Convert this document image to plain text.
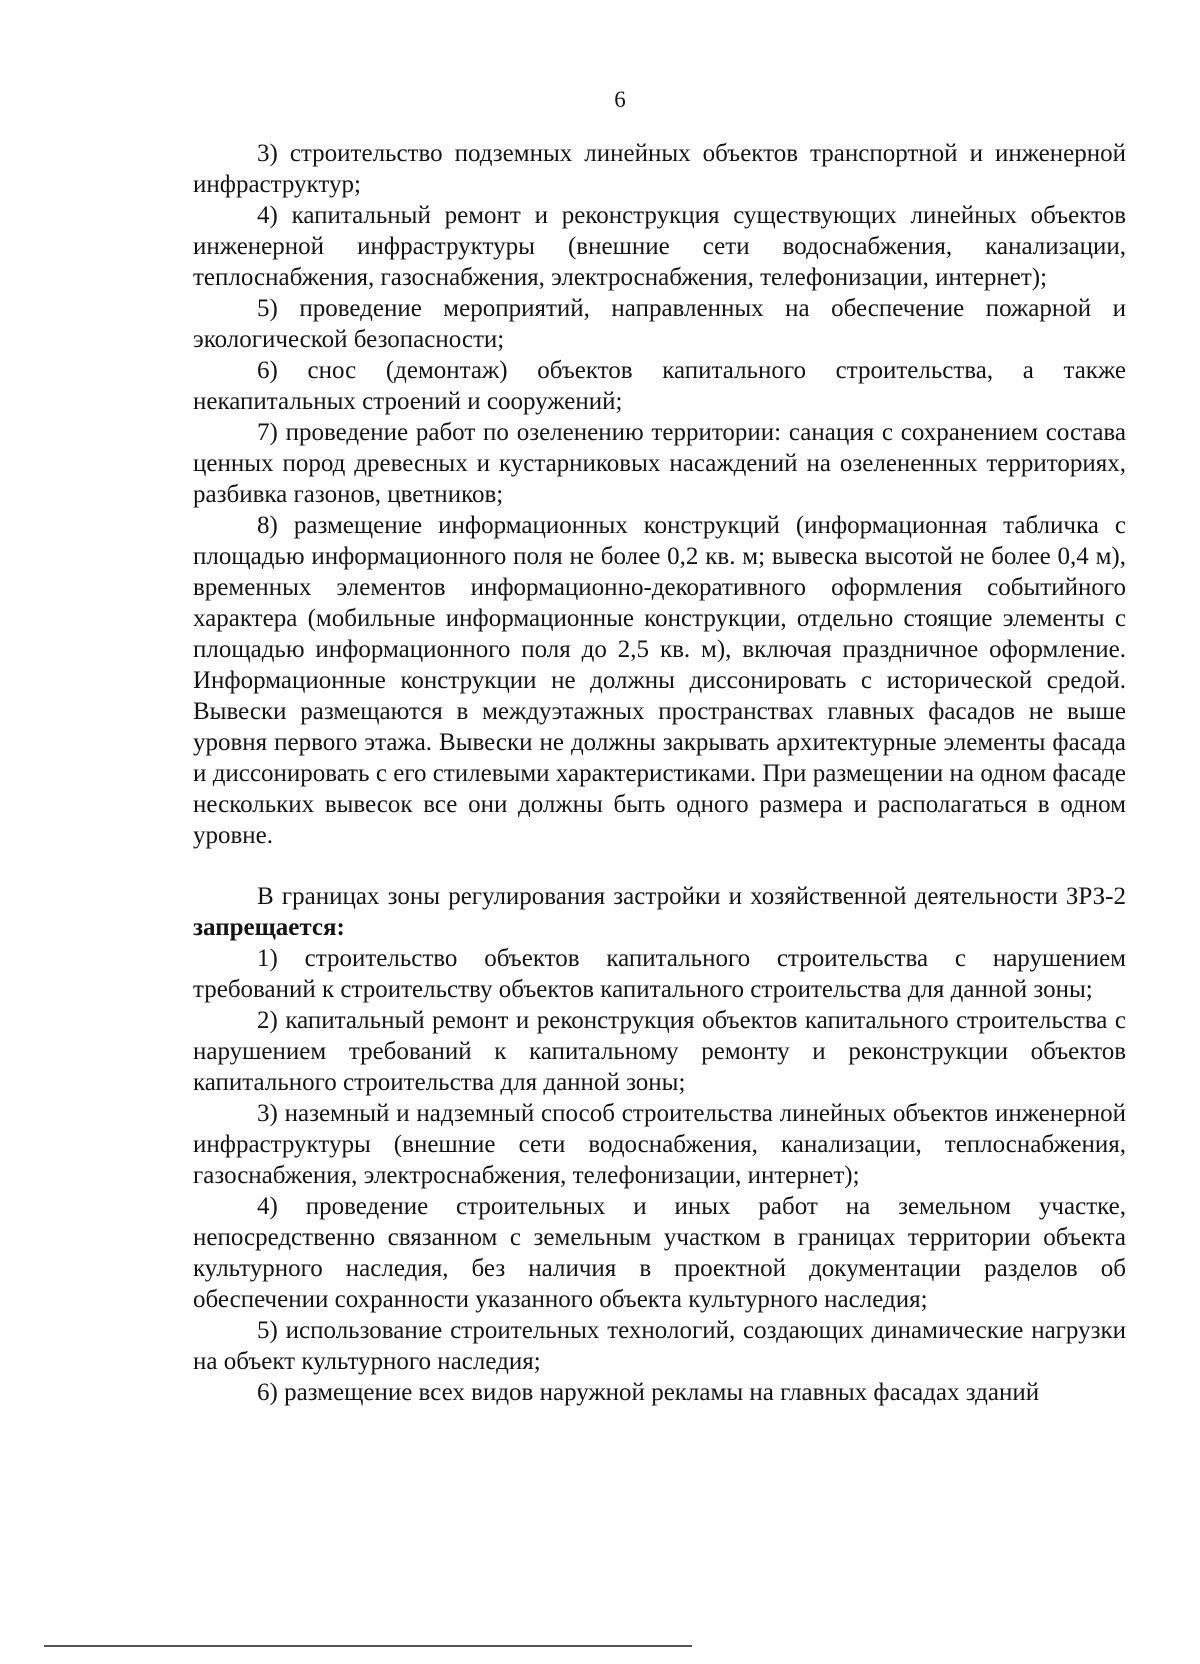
6

3) строительство подземных линейных объектов транспортной и инженерной инфраструктур;

4) капитальный ремонт и реконструкция существующих линейных объектов инженерной инфраструктуры (внешние сети водоснабжения, канализации, теплоснабжения, газоснабжения, электроснабжения, телефонизации, интернет);

5) проведение мероприятий, направленных на обеспечение пожарной и экологической безопасности;

6) снос (демонтаж) объектов капитального строительства, а также некапитальных строений и сооружений;

7) проведение работ по озеленению территории: санация с сохранением состава ценных пород древесных и кустарниковых насаждений на озелененных территориях, разбивка газонов, цветников;

8) размещение информационных конструкций (информационная табличка с площадью информационного поля не более 0,2 кв. м; вывеска высотой не более 0,4 м), временных элементов информационно-декоративного оформления событийного характера (мобильные информационные конструкции, отдельно стоящие элементы с площадью информационного поля до 2,5 кв. м), включая праздничное оформление. Информационные конструкции не должны диссонировать с исторической средой. Вывески размещаются в междуэтажных пространствах главных фасадов не выше уровня первого этажа. Вывески не должны закрывать архитектурные элементы фасада и диссонировать с его стилевыми характеристиками. При размещении на одном фасаде нескольких вывесок все они должны быть одного размера и располагаться в одном уровне.

В границах зоны регулирования застройки и хозяйственной деятельности ЗРЗ-2 запрещается:

1) строительство объектов капитального строительства с нарушением требований к строительству объектов капитального строительства для данной зоны;

2) капитальный ремонт и реконструкция объектов капитального строительства с нарушением требований к капитальному ремонту и реконструкции объектов капитального строительства для данной зоны;

3) наземный и надземный способ строительства линейных объектов инженерной инфраструктуры (внешние сети водоснабжения, канализации, теплоснабжения, газоснабжения, электроснабжения, телефонизации, интернет);

4) проведение строительных и иных работ на земельном участке, непосредственно связанном с земельным участком в границах территории объекта культурного наследия, без наличия в проектной документации разделов об обеспечении сохранности указанного объекта культурного наследия;

5) использование строительных технологий, создающих динамические нагрузки на объект культурного наследия;

6) размещение всех видов наружной рекламы на главных фасадах зданий
